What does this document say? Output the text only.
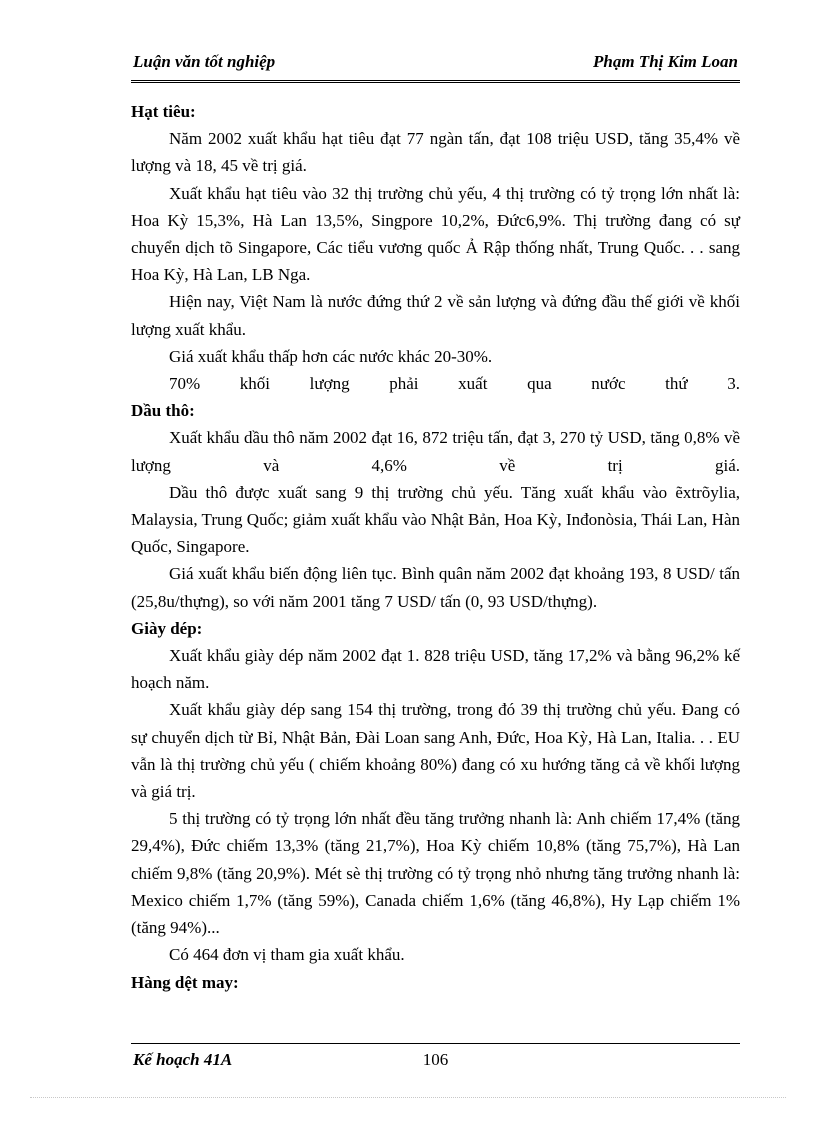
Luận văn tốt nghiệp	Phạm Thị Kim Loan
Hạt tiêu:

Năm 2002 xuất khẩu hạt tiêu đạt 77 ngàn tấn, đạt 108 triệu USD, tăng 35,4% về lượng và 18, 45 về trị giá.

Xuất khẩu hạt tiêu vào 32 thị trường chủ yếu, 4 thị trường có tỷ trọng lớn nhất là: Hoa Kỳ 15,3%, Hà Lan 13,5%, Singpore 10,2%, Đức6,9%. Thị trường đang có sự chuyển dịch tõ Singapore, Các tiểu vương quốc Ả Rập thống nhất, Trung Quốc. . . sang Hoa Kỳ, Hà Lan, LB Nga.

Hiện nay, Việt Nam là nước đứng thứ 2 về sản lượng và đứng đầu thế giới về khối lượng xuất khẩu.

Giá xuất khẩu thấp hơn các nước khác 20-30%.

70% khối lượng phải xuất qua nước thứ 3.

Dầu thô:

Xuất khẩu dầu thô năm 2002 đạt 16, 872 triệu tấn, đạt 3, 270 tỷ USD, tăng 0,8% về lượng và 4,6% về trị giá.

Dầu thô được xuất sang 9 thị trường chủ yếu. Tăng xuất khẩu vào ẽxtrõylia, Malaysia, Trung Quốc; giảm xuất khẩu vào Nhật Bản, Hoa Kỳ, Inđonòsia, Thái Lan, Hàn Quốc, Singapore.

Giá xuất khẩu biến động liên tục. Bình quân năm 2002 đạt khoảng 193, 8 USD/ tấn (25,8u/thựng), so với năm 2001 tăng 7 USD/ tấn (0, 93 USD/thựng).

Giày dép:

Xuất khẩu giày dép năm 2002 đạt 1. 828 triệu USD, tăng 17,2% và bằng 96,2% kế hoạch năm.

Xuất khẩu giày dép sang 154 thị trường, trong đó 39 thị trường chủ yếu. Đang có sự chuyển dịch từ Bỉ, Nhật Bản, Đài Loan sang Anh, Đức, Hoa Kỳ, Hà Lan, Italia. . . EU vẫn là thị trường chủ yếu ( chiếm khoảng 80%) đang có xu hướng tăng cả về khối lượng và giá trị.

5 thị trường có tỷ trọng lớn nhất đều tăng trưởng nhanh là: Anh chiếm 17,4% (tăng 29,4%), Đức chiếm 13,3% (tăng 21,7%), Hoa Kỳ chiếm 10,8% (tăng 75,7%), Hà Lan chiếm 9,8% (tăng 20,9%). Mét sè thị trường có tỷ trọng nhỏ nhưng tăng trưởng nhanh là: Mexico chiếm 1,7% (tăng 59%), Canada chiếm 1,6% (tăng 46,8%), Hy Lạp chiếm 1% (tăng 94%)...

Có 464 đơn vị tham gia xuất khẩu.

Hàng dệt may:
Kế hoạch 41A	106
